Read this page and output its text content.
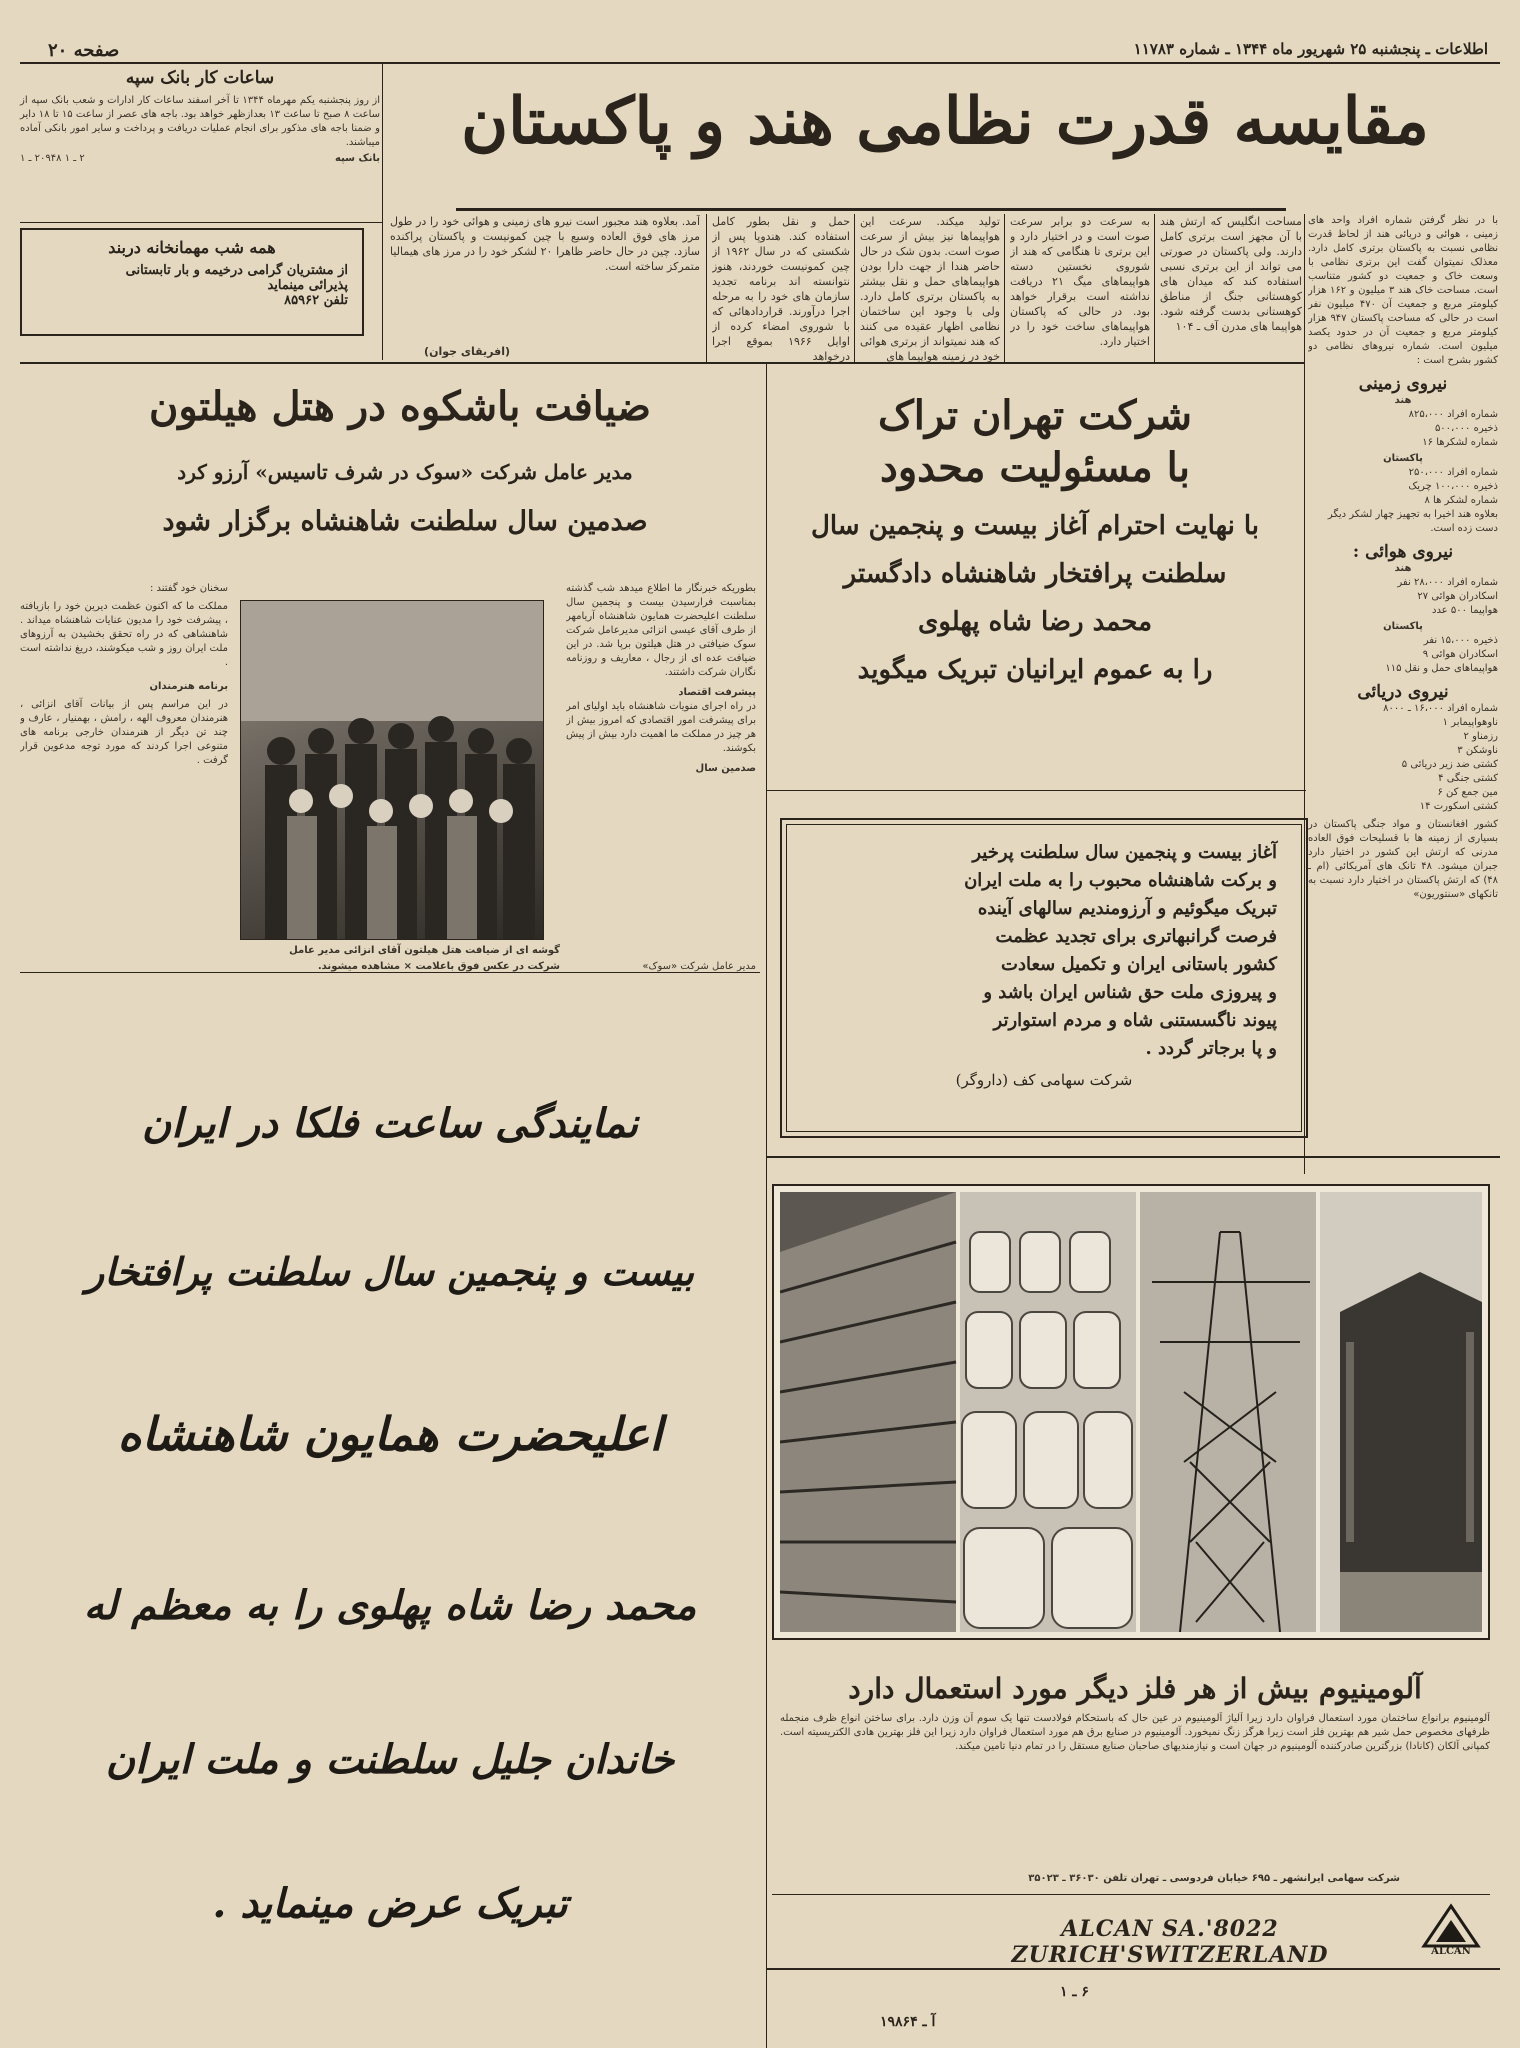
صفحه ۲۰	اطلاعات ـ پنجشنبه ۲۵ شهریور ماه ۱۳۴۴ ـ شماره ۱۱۷۸۳
ساعات کار بانک سپه
از روز پنجشنبه یکم مهرماه ۱۳۴۴ تا آخر اسفند ساعات کار ادارات و شعب بانک سپه از ساعت ۸ صبح تا ساعت ۱۳ بعدازظهر خواهد بود. باجه های عصر از ساعت ۱۵ تا ۱۸ دایر و ضمنا باجه های مذکور برای انجام عملیات دریافت و پرداخت و سایر امور بانکی آماده میباشند.
بانک سپه
۲ ـ ۱ ۲۰۹۴۸ ـ ۱
همه شب مهمانخانه دربند
از مشتریان گرامی درخیمه و بار تابستانی
پذیرائی مینماید
تلفن ۸۵۹۶۲
مقایسه قدرت نظامی هند و پاکستان
مساحت انگلیس که ارتش هند با آن مجهز است برتری کامل دارند. ولی پاکستان در صورتی می تواند از این برتری نسبی استفاده کند که میدان های کوهستانی جنگ از مناطق کوهستانی بدست گرفته شود. هواپیما های مدرن آف ـ ۱۰۴
به سرعت دو برابر سرعت صوت است و در اختیار دارد و این برتری تا هنگامی که هند از شوروی نخستین دسته هواپیماهای میگ ۲۱ دریافت نداشته است برقرار خواهد بود. در حالی که پاکستان هواپیماهای ساخت خود را در اختیار دارد.
تولید میکند. سرعت این هواپیماها نیز بیش از سرعت صوت است. بدون شک در حال حاضر هندا از جهت دارا بودن هواپیماهای حمل و نقل بیشتر به پاکستان برتری کامل دارد. ولی با وجود این ساختمان نظامی اظهار عقیده می کنند که هند نمیتواند از برتری هوائی خود در زمینه هواپیما های
حمل و نقل بطور کامل استفاده کند. هندوپا پس از شکستی که در سال ۱۹۶۲ از چین کمونیست خوردند، هنوز نتوانسته اند برنامه تجدید سازمان های خود را به مرحله اجرا درآورند. قراردادهائی که با شوروی امضاء کرده از اوایل ۱۹۶۶ بموقع اجرا درخواهد
آمد. بعلاوه هند مجبور است نیرو های زمینی و هوائی خود را در طول مرز های فوق العاده وسیع با چین کمونیست و پاکستان پراکنده سازد. چین در حال حاضر ظاهرا ۲۰ لشکر خود را در مرز های هیمالیا متمرکز ساخته است.
(افریقای جوان)
با در نظر گرفتن شماره افراد واحد های زمینی ، هوائی و دریائی هند از لحاظ قدرت نظامی نسبت به پاکستان برتری کامل دارد. معذلک نمیتوان گفت این برتری نظامی با وسعت خاک و جمعیت دو کشور متناسب است. مساحت خاک هند ۳ میلیون و ۱۶۲ هزار کیلومتر مربع و جمعیت آن ۴۷۰ میلیون نفر است در حالی که مساحت پاکستان ۹۴۷ هزار کیلومتر مربع و جمعیت آن در حدود یکصد میلیون است. شماره نیروهای نظامی دو کشور بشرح است :
نیروی زمینی
هند
شماره افراد ۸۲۵،۰۰۰
ذخیره ۵۰۰،۰۰۰
شماره لشکرها ۱۶
پاکستان
شماره افراد ۲۵۰،۰۰۰
ذخیره ۱۰۰،۰۰۰ چریک
شماره لشکر ها ۸
بعلاوه هند اخیرا به تجهیز چهار لشکر دیگر دست زده است.
نیروی هوائی :
هند
شماره افراد ۲۸،۰۰۰ نفر
اسکادران هوائی ۲۷
هواپیما ۵۰۰ عدد
پاکستان
ذخیره ۱۵،۰۰۰ نفر
اسکادران هوائی ۹
هواپیماهای حمل و نقل ۱۱۵
نیروی دریائی
شماره افراد ۱۶،۰۰۰ ـ ۸۰۰۰
ناوهواپیمابر ۱
رزمناو ۲
ناوشکن ۳
کشتی ضد زیر دریائی ۵
کشتی جنگی ۴
مین جمع کن ۶
کشتی اسکورت ۱۴
کشور افغانستان و مواد جنگی پاکستان در بسیاری از زمینه ها با قسلیحات فوق العاده مدرنی که ارتش این کشور در اختیار دارد جبران میشود. ۴۸ تانک های آمریکائی (ام ـ ۴۸) که ارتش پاکستان در اختیار دارد نسبت به تانکهای «سنتوریون»
ضیافت باشکوه در هتل هیلتون
مدیر عامل شرکت «سوک در شرف تاسیس» آرزو کرد
صدمین سال سلطنت شاهنشاه برگزار شود
بطوریکه خبرنگار ما اطلاع میدهد شب گذشته بمناسبت فرارسیدن بیست و پنجمین سال سلطنت اعلیحضرت همایون شاهنشاه آریامهر از طرف آقای عیسی انزائی مدیرعامل شرکت سوک ضیافتی در هتل هیلتون برپا شد. در این ضیافت عده ای از رجال ، معاریف و روزنامه نگاران شرکت داشتند.
پیشرفت اقتصاد
در راه اجرای منویات شاهنشاه باید اولیای امر برای پیشرفت امور اقتصادی که امروز بیش از هر چیز در مملکت ما اهمیت دارد بیش از پیش بکوشند.
صدمین سال
گوشه ای از ضیافت هتل هیلتون آقای انزائی مدیر عامل
شرکت در عکس فوق باعلامت × مشاهده میشوند.	مدیر عامل شرکت «سوک»
سخنان خود گفتند :
مملکت ما که اکنون عظمت دیرین خود را بازیافته ، پیشرفت خود را مدیون عنایات شاهنشاه میداند . شاهنشاهی که در راه تحقق بخشیدن به آرزوهای ملت ایران روز و شب میکوشند، دریغ نداشته است .
برنامه هنرمندان
در این مراسم پس از بیانات آقای انزائی ، هنرمندان معروف الهه ، رامش ، بهمنیار ، عارف و چند تن دیگر از هنرمندان خارجی برنامه های متنوعی اجرا کردند که مورد توجه مدعوین قرار گرفت .
شرکت تهران تراک
با مسئولیت محدود
با نهایت احترام آغاز بیست و پنجمین سال
سلطنت پرافتخار شاهنشاه دادگستر
محمد رضا شاه پهلوی
را به عموم ایرانیان تبریک میگوید
آغاز بیست و پنجمین سال سلطنت پرخیر
و برکت شاهنشاه محبوب را به ملت ایران
تبریک میگوئیم و آرزومندیم سالهای آینده
فرصت گرانبهاتری برای تجدید عظمت
کشور باستانی ایران و تکمیل سعادت
و پیروزی ملت حق شناس ایران باشد و
پیوند ناگسستنی شاه و مردم استوارتر
و پا برجاتر گردد .
شرکت سهامی کف (داروگر)
نمایندگی ساعت فلکا در ایران
بیست و پنجمین سال سلطنت پرافتخار
اعلیحضرت همایون شاهنشاه
محمد رضا شاه پهلوی را به معظم له
خاندان جلیل سلطنت و ملت ایران
تبریک عرض مینماید .
آلومینیوم بیش از هر فلز دیگر مورد استعمال دارد
آلومینیوم برانواع ساختمان مورد استعمال فراوان دارد زیرا آلیاژ آلومینیوم در عین حال که باستحکام فولادست تنها یک سوم آن وزن دارد. برای ساختن انواع ظرف منجمله ظرفهای مخصوص حمل شیر هم بهترین فلز است زیرا هرگز زنگ نمیخورد. آلومینیوم در صنایع برق هم مورد استعمال فراوان دارد زیرا این فلز بهترین هادی الکتریسیته است. کمپانی آلکان (کانادا) بزرگترین صادرکننده آلومینیوم در جهان است و نیازمندیهای صاحبان صنایع مستقل را در تمام دنیا تامین میکند.
شرکت سهامی ایرانشهر ـ ۶۹۵ خیابان فردوسی ـ تهران تلفن ۳۶۰۳۰ ـ ۳۵۰۲۳
ALCAN SA.'8022 ZURICH'SWITZERLAND	ALCAN
آ ـ ۱۹۸۶۴
۶ ـ ۱
